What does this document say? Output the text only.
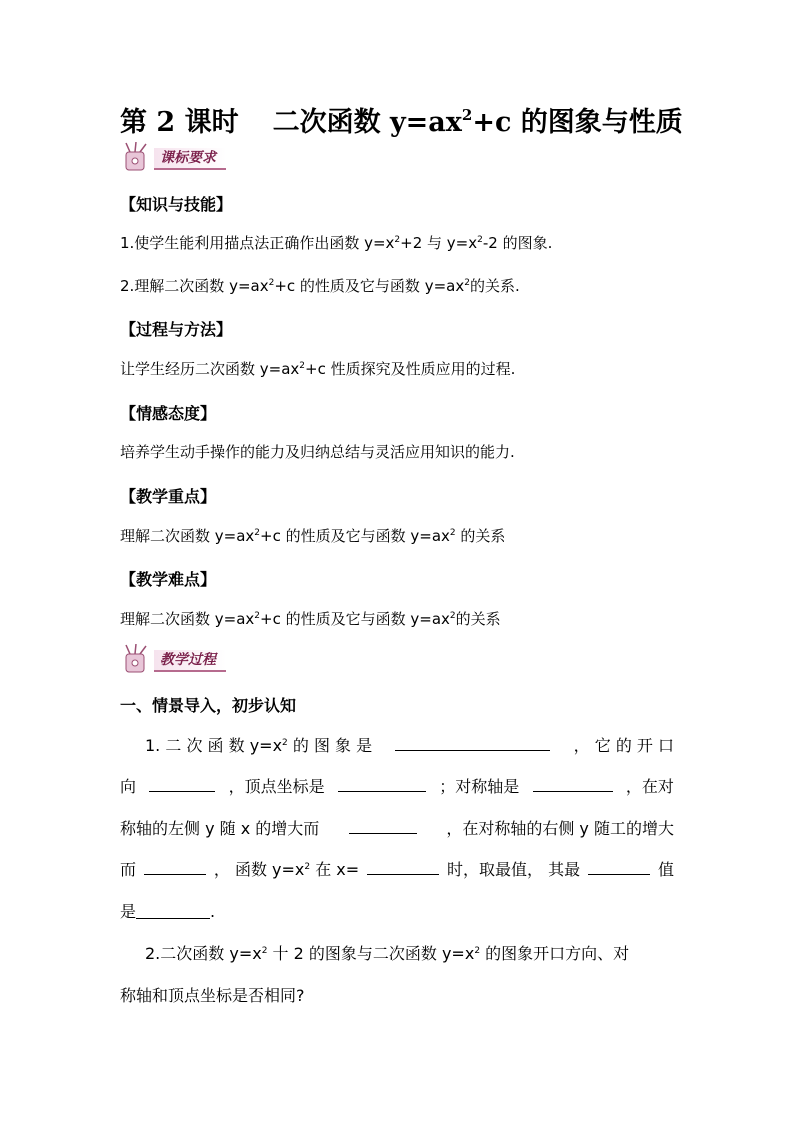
第 2 课时 二次函数 $y=ax^2+c$ 的图象与性质
课标要求
【知识与技能】
1.使学生能利用描点法正确作出函数 $y=x^2+2$ 与 $y=x^2-2$ 的图象.
2.理解二次函数 $y=ax^2+c$ 的性质及它与函数 $y=ax^2$的关系.
【过程与方法】
让学生经历二次函数 $y=ax^2+c$ 性质探究及性质应用的过程.
【情感态度】
培养学生动手操作的能力及归纳总结与灵活应用知识的能力.
【教学重点】
理解二次函数 $y=ax^2+c$ 的性质及它与函数 $y=ax^2$ 的关系
【教学难点】
理解二次函数 $y=ax^2+c$ 的性质及它与函数 $y=ax^2$的关系
教学过程
一、情景导入，初步认知
1. 二 次 函 数 $y=x^2$ 的 图 象 是	， 它 的 开 口
向	，顶点坐标是	；对称轴是	，在对
称轴的左侧 y 随 x 的增大而	，在对称轴的右侧 y 随工的增大
而	， 函数 $y=x^2$ 在 x=	时，取最值， 其最	值
是	.
2.二次函数 $y=x^2$ 十 2 的图象与二次函数 $y=x^2$ 的图象开口方向、对
称轴和顶点坐标是否相同?
